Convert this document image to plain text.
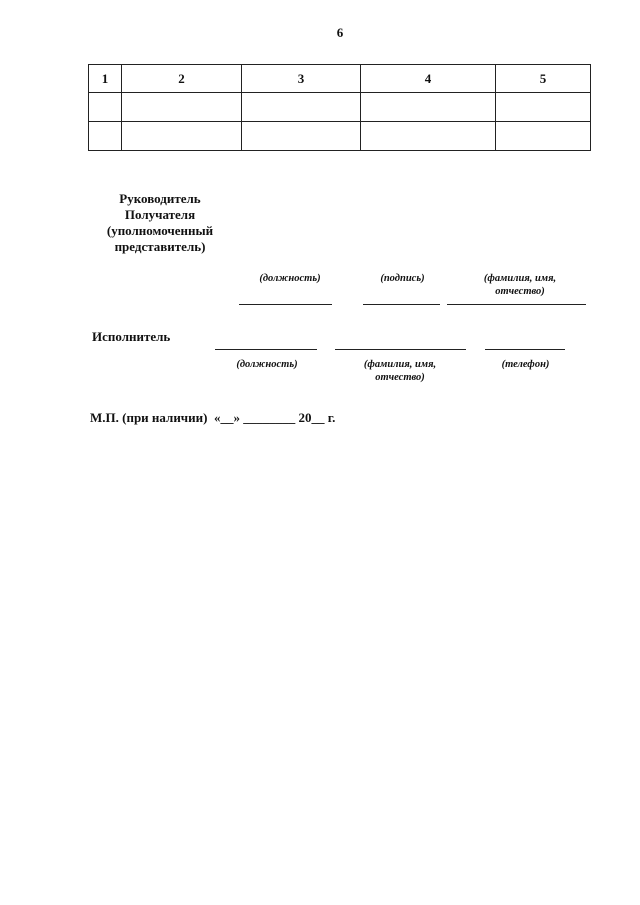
6
1	2	3	4	5

Руководитель
Получателя
(уполномоченный
представитель)
(должность)	(подпись)	(фамилия, имя,
отчество)
Исполнитель
(должность)	(фамилия, имя,
отчество)
(телефон)
М.П. (при наличии)  «__» ________ 20__ г.
